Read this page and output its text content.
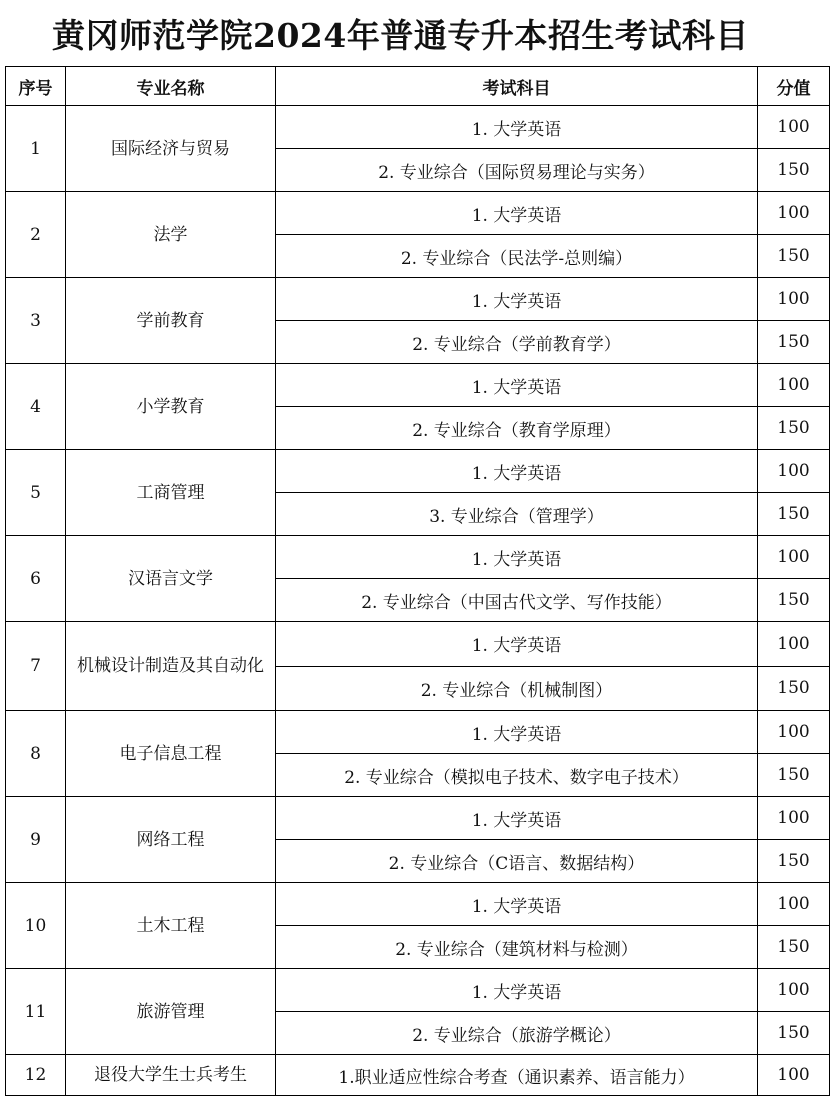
黄冈师范学院2024年普通专升本招生考试科目
序号	专业名称	考试科目	分值
1	国际经济与贸易	1. 大学英语	100
		2. 专业综合（国际贸易理论与实务）	150
2	法学	1. 大学英语	100
		2. 专业综合（民法学-总则编）	150
3	学前教育	1. 大学英语	100
		2. 专业综合（学前教育学）	150
4	小学教育	1. 大学英语	100
		2. 专业综合（教育学原理）	150
5	工商管理	1. 大学英语	100
		3. 专业综合（管理学）	150
6	汉语言文学	1. 大学英语	100
		2. 专业综合（中国古代文学、写作技能）	150
7	机械设计制造及其自动化	1. 大学英语	100
		2. 专业综合（机械制图）	150
8	电子信息工程	1. 大学英语	100
		2. 专业综合（模拟电子技术、数字电子技术）	150
9	网络工程	1. 大学英语	100
		2. 专业综合（C语言、数据结构）	150
10	土木工程	1. 大学英语	100
		2. 专业综合（建筑材料与检测）	150
11	旅游管理	1. 大学英语	100
		2. 专业综合（旅游学概论）	150
12	退役大学生士兵考生	1.职业适应性综合考查（通识素养、语言能力）	100
